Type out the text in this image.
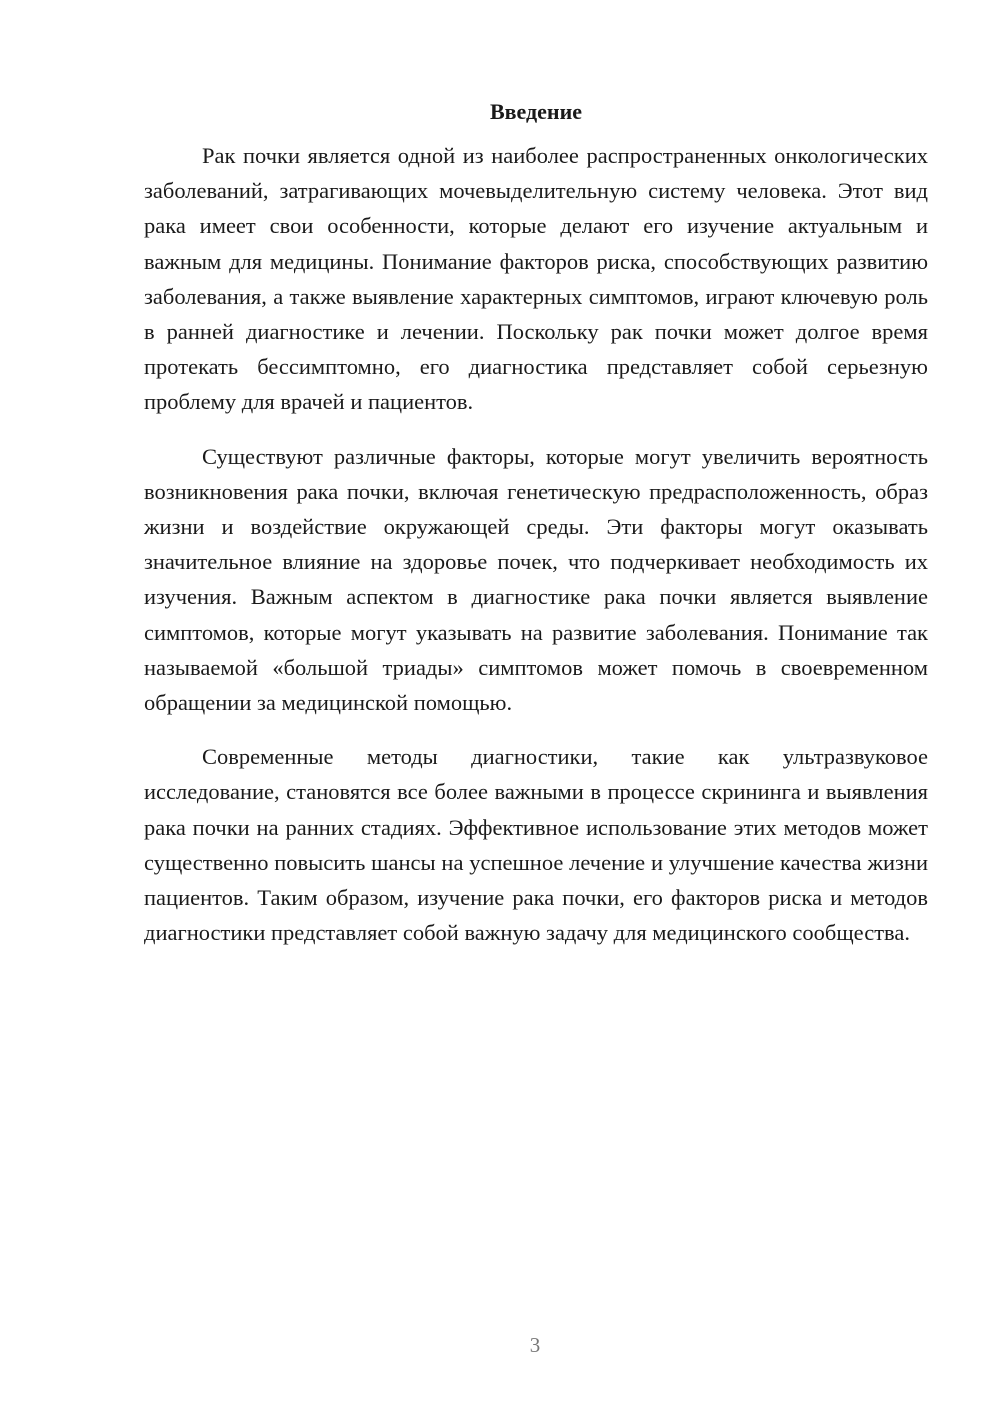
Введение

Рак почки является одной из наиболее распространенных онкологических заболеваний, затрагивающих мочевыделительную систему человека. Этот вид рака имеет свои особенности, которые делают его изучение актуальным и важным для медицины. Понимание факторов риска, способствующих развитию заболевания, а также выявление характерных симптомов, играют ключевую роль в ранней диагностике и лечении. Поскольку рак почки может долгое время протекать бессимптомно, его диагностика представляет собой серьезную проблему для врачей и пациентов.

Существуют различные факторы, которые могут увеличить вероятность возникновения рака почки, включая генетическую предрасположенность, образ жизни и воздействие окружающей среды. Эти факторы могут оказывать значительное влияние на здоровье почек, что подчеркивает необходимость их изучения. Важным аспектом в диагностике рака почки является выявление симптомов, которые могут указывать на развитие заболевания. Понимание так называемой «большой триады» симптомов может помочь в своевременном обращении за медицинской помощью.

Современные методы диагностики, такие как ультразвуковое исследование, становятся все более важными в процессе скрининга и выявления рака почки на ранних стадиях. Эффективное использование этих методов может существенно повысить шансы на успешное лечение и улучшение качества жизни пациентов. Таким образом, изучение рака почки, его факторов риска и методов диагностики представляет собой важную задачу для медицинского сообщества.

3
